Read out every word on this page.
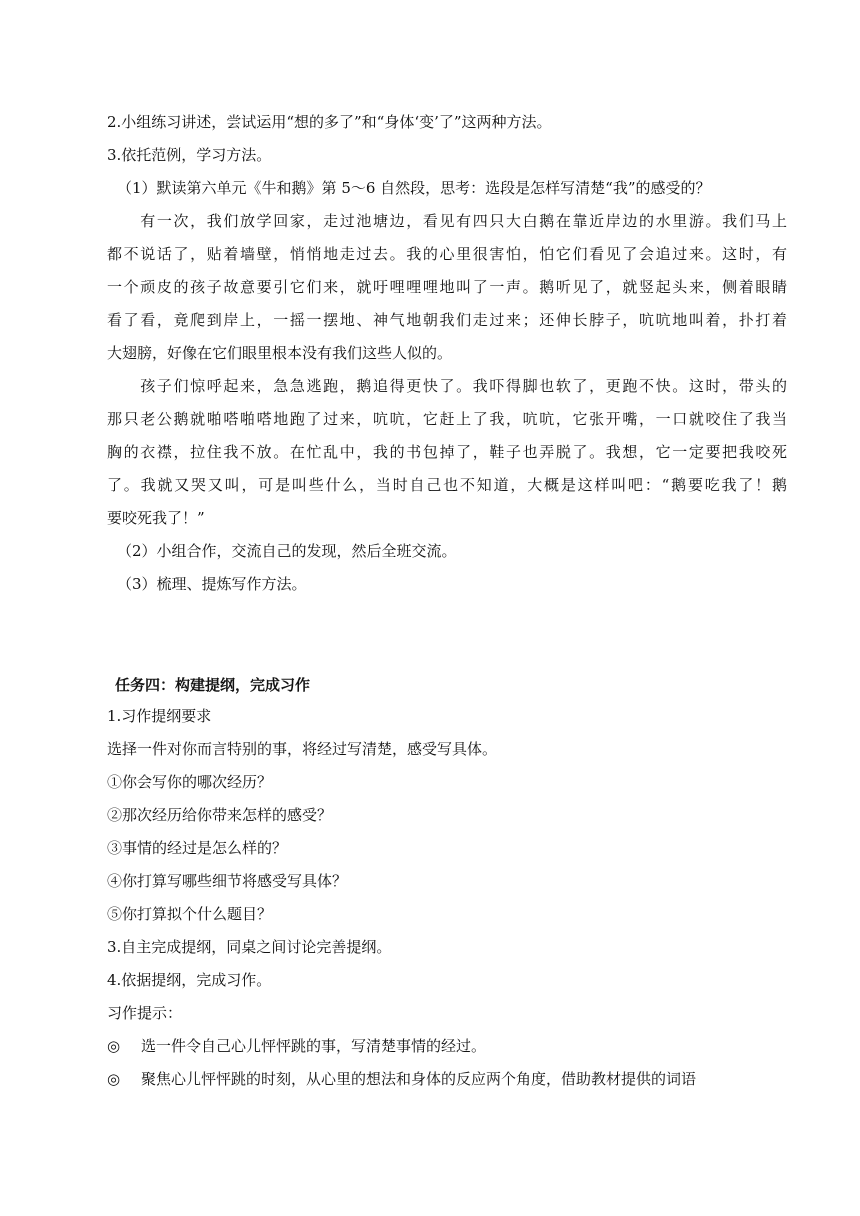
2.小组练习讲述，尝试运用“想的多了”和“身体‘变’了”这两种方法。
3.依托范例，学习方法。
（1）默读第六单元《牛和鹅》第 5～6 自然段，思考：选段是怎样写清楚“我”的感受的？
　　有一次，我们放学回家，走过池塘边，看见有四只大白鹅在靠近岸边的水里游。我们马上
都不说话了，贴着墙壁，悄悄地走过去。我的心里很害怕，怕它们看见了会追过来。这时，有
一个顽皮的孩子故意要引它们来，就吁哩哩哩地叫了一声。鹅听见了，就竖起头来，侧着眼睛
看了看，竟爬到岸上，一摇一摆地、神气地朝我们走过来；还伸长脖子，吭吭地叫着，扑打着
大翅膀，好像在它们眼里根本没有我们这些人似的。
　　孩子们惊呼起来，急急逃跑，鹅追得更快了。我吓得脚也软了，更跑不快。这时，带头的
那只老公鹅就啪嗒啪嗒地跑了过来，吭吭，它赶上了我，吭吭，它张开嘴，一口就咬住了我当
胸的衣襟，拉住我不放。在忙乱中，我的书包掉了，鞋子也弄脱了。我想，它一定要把我咬死
了。我就又哭又叫，可是叫些什么，当时自己也不知道，大概是这样叫吧：“鹅要吃我了！鹅
要咬死我了！”
（2）小组合作，交流自己的发现，然后全班交流。
（3）梳理、提炼写作方法。
任务四：构建提纲，完成习作
1.习作提纲要求
选择一件对你而言特别的事，将经过写清楚，感受写具体。
①你会写你的哪次经历？
②那次经历给你带来怎样的感受？
③事情的经过是怎么样的？
④你打算写哪些细节将感受写具体？
⑤你打算拟个什么题目？
3.自主完成提纲，同桌之间讨论完善提纲。
4.依据提纲，完成习作。
习作提示：
◎	选一件令自己心儿怦怦跳的事，写清楚事情的经过。
◎	聚焦心儿怦怦跳的时刻，从心里的想法和身体的反应两个角度，借助教材提供的词语
